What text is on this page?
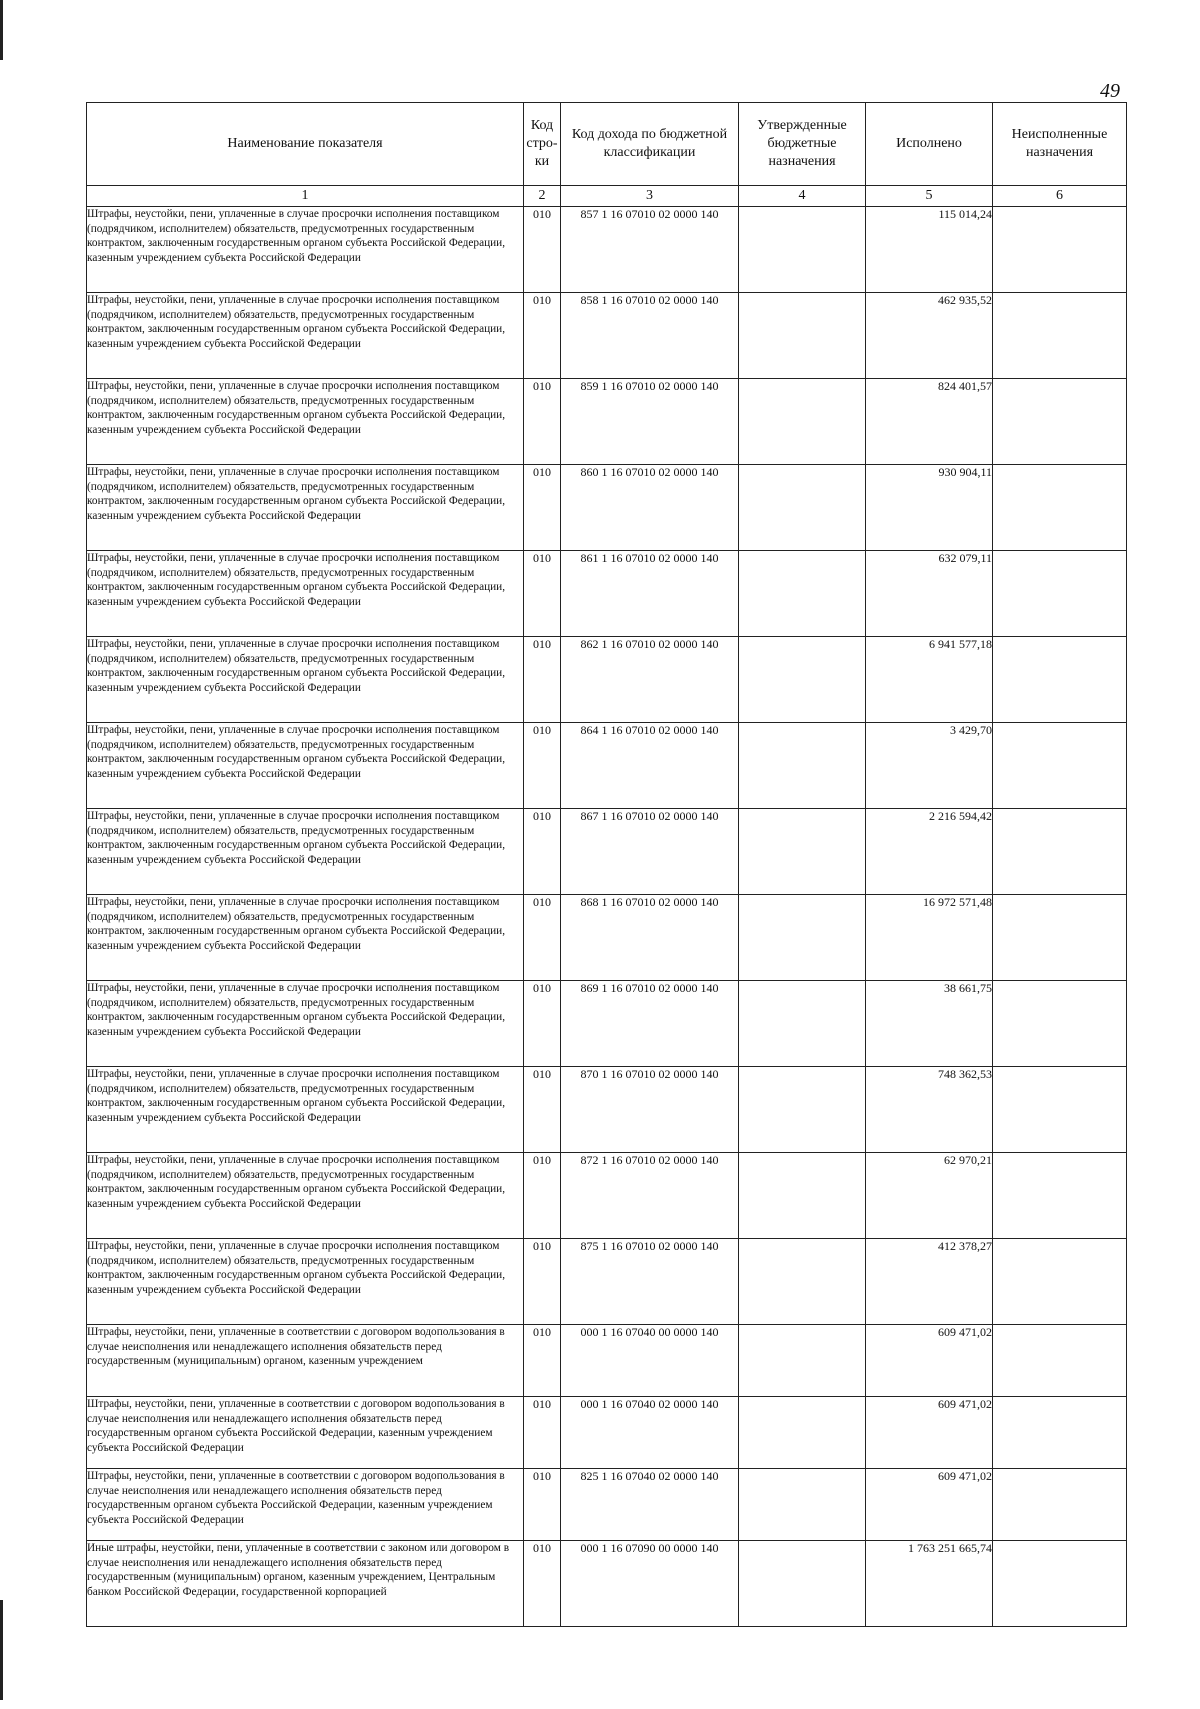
49
Наименование показателя	Код стро-ки	Код дохода по бюджетной классификации	Утвержденные бюджетные назначения	Исполнено	Неисполненные назначения
1	2	3	4	5	6
Штрафы, неустойки, пени, уплаченные в случае просрочки исполнения поставщиком (подрядчиком, исполнителем) обязательств, предусмотренных государственным контрактом, заключенным государственным органом субъекта Российской Федерации, казенным учреждением субъекта Российской Федерации	010	857 1 16 07010 02 0000 140		115 014,24	
Штрафы, неустойки, пени, уплаченные в случае просрочки исполнения поставщиком (подрядчиком, исполнителем) обязательств, предусмотренных государственным контрактом, заключенным государственным органом субъекта Российской Федерации, казенным учреждением субъекта Российской Федерации	010	858 1 16 07010 02 0000 140		462 935,52	
Штрафы, неустойки, пени, уплаченные в случае просрочки исполнения поставщиком (подрядчиком, исполнителем) обязательств, предусмотренных государственным контрактом, заключенным государственным органом субъекта Российской Федерации, казенным учреждением субъекта Российской Федерации	010	859 1 16 07010 02 0000 140		824 401,57	
Штрафы, неустойки, пени, уплаченные в случае просрочки исполнения поставщиком (подрядчиком, исполнителем) обязательств, предусмотренных государственным контрактом, заключенным государственным органом субъекта Российской Федерации, казенным учреждением субъекта Российской Федерации	010	860 1 16 07010 02 0000 140		930 904,11	
Штрафы, неустойки, пени, уплаченные в случае просрочки исполнения поставщиком (подрядчиком, исполнителем) обязательств, предусмотренных государственным контрактом, заключенным государственным органом субъекта Российской Федерации, казенным учреждением субъекта Российской Федерации	010	861 1 16 07010 02 0000 140		632 079,11	
Штрафы, неустойки, пени, уплаченные в случае просрочки исполнения поставщиком (подрядчиком, исполнителем) обязательств, предусмотренных государственным контрактом, заключенным государственным органом субъекта Российской Федерации, казенным учреждением субъекта Российской Федерации	010	862 1 16 07010 02 0000 140		6 941 577,18	
Штрафы, неустойки, пени, уплаченные в случае просрочки исполнения поставщиком (подрядчиком, исполнителем) обязательств, предусмотренных государственным контрактом, заключенным государственным органом субъекта Российской Федерации, казенным учреждением субъекта Российской Федерации	010	864 1 16 07010 02 0000 140		3 429,70	
Штрафы, неустойки, пени, уплаченные в случае просрочки исполнения поставщиком (подрядчиком, исполнителем) обязательств, предусмотренных государственным контрактом, заключенным государственным органом субъекта Российской Федерации, казенным учреждением субъекта Российской Федерации	010	867 1 16 07010 02 0000 140		2 216 594,42	
Штрафы, неустойки, пени, уплаченные в случае просрочки исполнения поставщиком (подрядчиком, исполнителем) обязательств, предусмотренных государственным контрактом, заключенным государственным органом субъекта Российской Федерации, казенным учреждением субъекта Российской Федерации	010	868 1 16 07010 02 0000 140		16 972 571,48	
Штрафы, неустойки, пени, уплаченные в случае просрочки исполнения поставщиком (подрядчиком, исполнителем) обязательств, предусмотренных государственным контрактом, заключенным государственным органом субъекта Российской Федерации, казенным учреждением субъекта Российской Федерации	010	869 1 16 07010 02 0000 140		38 661,75	
Штрафы, неустойки, пени, уплаченные в случае просрочки исполнения поставщиком (подрядчиком, исполнителем) обязательств, предусмотренных государственным контрактом, заключенным государственным органом субъекта Российской Федерации, казенным учреждением субъекта Российской Федерации	010	870 1 16 07010 02 0000 140		748 362,53	
Штрафы, неустойки, пени, уплаченные в случае просрочки исполнения поставщиком (подрядчиком, исполнителем) обязательств, предусмотренных государственным контрактом, заключенным государственным органом субъекта Российской Федерации, казенным учреждением субъекта Российской Федерации	010	872 1 16 07010 02 0000 140		62 970,21	
Штрафы, неустойки, пени, уплаченные в случае просрочки исполнения поставщиком (подрядчиком, исполнителем) обязательств, предусмотренных государственным контрактом, заключенным государственным органом субъекта Российской Федерации, казенным учреждением субъекта Российской Федерации	010	875 1 16 07010 02 0000 140		412 378,27	
Штрафы, неустойки, пени, уплаченные в соответствии с договором водопользования в случае неисполнения или ненадлежащего исполнения обязательств перед государственным (муниципальным) органом, казенным учреждением	010	000 1 16 07040 00 0000 140		609 471,02	
Штрафы, неустойки, пени, уплаченные в соответствии с договором водопользования в случае неисполнения или ненадлежащего исполнения обязательств перед государственным органом субъекта Российской Федерации, казенным учреждением субъекта Российской Федерации	010	000 1 16 07040 02 0000 140		609 471,02	
Штрафы, неустойки, пени, уплаченные в соответствии с договором водопользования в случае неисполнения или ненадлежащего исполнения обязательств перед государственным органом субъекта Российской Федерации, казенным учреждением субъекта Российской Федерации	010	825 1 16 07040 02 0000 140		609 471,02	
Иные штрафы, неустойки, пени, уплаченные в соответствии с законом или договором в случае неисполнения или ненадлежащего исполнения обязательств перед государственным (муниципальным) органом, казенным учреждением, Центральным банком Российской Федерации, государственной корпорацией	010	000 1 16 07090 00 0000 140		1 763 251 665,74	
